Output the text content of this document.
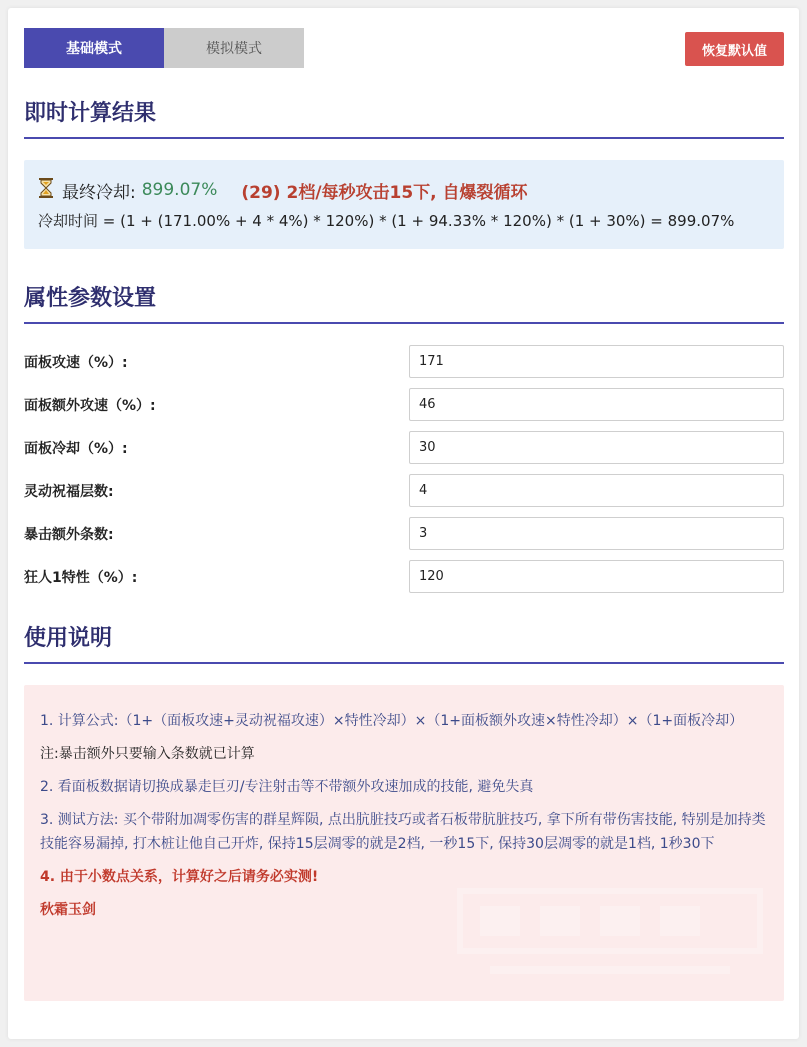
基础模式	模拟模式	恢复默认值
即时计算结果
最终冷却: 899.07% (29) 2档/每秒攻击15下, 自爆裂循环
冷却时间 = (1 + (171.00% + 4 * 4%) * 120%) * (1 + 94.33% * 120%) * (1 + 30%) = 899.07%
属性参数设置
面板攻速（%）:
171
面板额外攻速（%）:
46
面板冷却（%）:
30
灵动祝福层数:
4
暴击额外条数:
3
狂人1特性（%）:
120
使用说明

1. 计算公式:（1+（面板攻速+灵动祝福攻速）×特性冷却）×（1+面板额外攻速×特性冷却）×（1+面板冷却）

注:暴击额外只要输入条数就已计算

2. 看面板数据请切换成暴走巨刃/专注射击等不带额外攻速加成的技能, 避免失真

3. 测试方法: 买个带附加凋零伤害的群星辉陨, 点出肮脏技巧或者石板带肮脏技巧, 拿下所有带伤害技能, 特别是加持类技能容易漏掉, 打木桩让他自己开炸, 保持15层凋零的就是2档, 一秒15下, 保持30层凋零的就是1档, 1秒30下

4. 由于小数点关系，计算好之后请务必实测!

秋霜玉剑
